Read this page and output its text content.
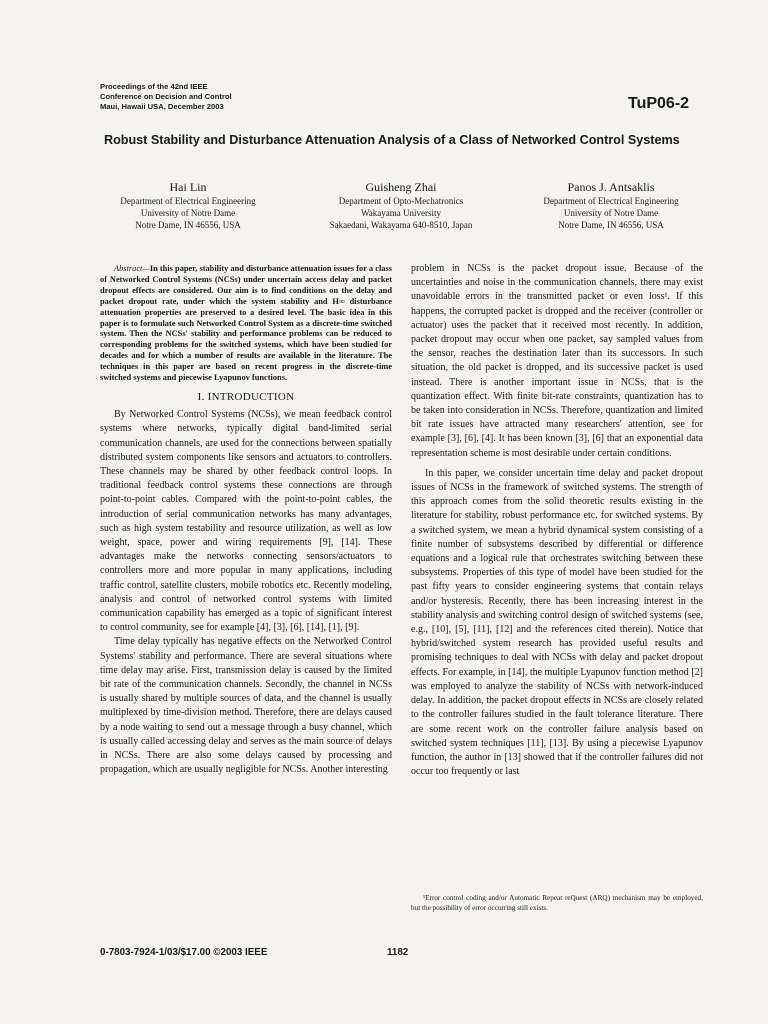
Proceedings of the 42nd IEEE
Conference on Decision and Control
Maui, Hawaii USA, December 2003	TuP06-2
Robust Stability and Disturbance Attenuation Analysis of a Class of Networked Control Systems
Hai Lin
Department of Electrical Engineering
University of Notre Dame
Notre Dame, IN 46556, USA
Guisheng Zhai
Department of Opto-Mechatronics
Wakayama University
Sakaedani, Wakayama 640-8510, Japan
Panos J. Antsaklis
Department of Electrical Engineering
University of Notre Dame
Notre Dame, IN 46556, USA

Abstract—In this paper, stability and disturbance attenuation issues for a class of Networked Control Systems (NCSs) under uncertain access delay and packet dropout effects are considered. Our aim is to find conditions on the delay and packet dropout rate, under which the system stability and H∞ disturbance attenuation properties are preserved to a desired level. The basic idea in this paper is to formulate such Networked Control System as a discrete-time switched system. Then the NCSs' stability and performance problems can be reduced to corresponding problems for the switched systems, which have been studied for decades and for which a number of results are available in the literature. The techniques in this paper are based on recent progress in the discrete-time switched systems and piecewise Lyapunov functions.

I. INTRODUCTION

By Networked Control Systems (NCSs), we mean feedback control systems where networks, typically digital band-limited serial communication channels, are used for the connections between spatially distributed system components like sensors and actuators to controllers. These channels may be shared by other feedback control loops. In traditional feedback control systems these connections are through point-to-point cables. Compared with the point-to-point cables, the introduction of serial communication networks has many advantages, such as high system testability and resource utilization, as well as low weight, space, power and wiring requirements [9], [14]. These advantages make the networks connecting sensors/actuators to controllers more and more popular in many applications, including traffic control, satellite clusters, mobile robotics etc. Recently modeling, analysis and control of networked control systems with limited communication capability has emerged as a topic of significant interest to control community, see for example [4], [3], [6], [14], [1], [9].

Time delay typically has negative effects on the Networked Control Systems' stability and performance. There are several situations where time delay may arise. First, transmission delay is caused by the limited bit rate of the communication channels. Secondly, the channel in NCSs is usually shared by multiple sources of data, and the channel is usually multiplexed by time-division method. Therefore, there are delays caused by a node waiting to send out a message through a busy channel, which is usually called accessing delay and serves as the main source of delays in NCSs. There are also some delays caused by processing and propagation, which are usually negligible for NCSs. Another interesting

problem in NCSs is the packet dropout issue. Because of the uncertainties and noise in the communication channels, there may exist unavoidable errors in the transmitted packet or even loss¹. If this happens, the corrupted packet is dropped and the receiver (controller or actuator) uses the packet that it received most recently. In addition, packet dropout may occur when one packet, say sampled values from the sensor, reaches the destination later than its successors. In such situation, the old packet is dropped, and its successive packet is used instead. There is another important issue in NCSs, that is the quantization effect. With finite bit-rate constraints, quantization has to be taken into consideration in NCSs. Therefore, quantization and limited bit rate issues have attracted many researchers' attention, see for example [3], [6], [4]. It has been known [3], [6] that an exponential data representation scheme is most desirable under certain conditions.

In this paper, we consider uncertain time delay and packet dropout issues of NCSs in the framework of switched systems. The strength of this approach comes from the solid theoretic results existing in the literature for stability, robust performance etc. for switched systems. By a switched system, we mean a hybrid dynamical system consisting of a finite number of subsystems described by differential or difference equations and a logical rule that orchestrates switching between these subsystems. Properties of this type of model have been studied for the past fifty years to consider engineering systems that contain relays and/or hysteresis. Recently, there has been increasing interest in the stability analysis and switching control design of switched systems (see, e.g., [10], [5], [11], [12] and the references cited therein). Notice that hybrid/switched system research has provided useful results and promising techniques to deal with NCSs with delay and packet dropout effects. For example, in [14], the multiple Lyapunov function method [2] was employed to analyze the stability of NCSs with network-induced delay. In addition, the packet dropout effects in NCSs are closely related to the controller failures studied in the fault tolerance literature. There are some recent work on the controller failure analysis based on switched system techniques [11], [13]. By using a piecewise Lyapunov function, the author in [13] showed that if the controller failures did not occur too frequently or last

¹Error control coding and/or Automatic Repeat reQuest (ARQ) mechanism may be employed, but the possibility of error occurring still exists.
0-7803-7924-1/03/$17.00 ©2003 IEEE	1182
